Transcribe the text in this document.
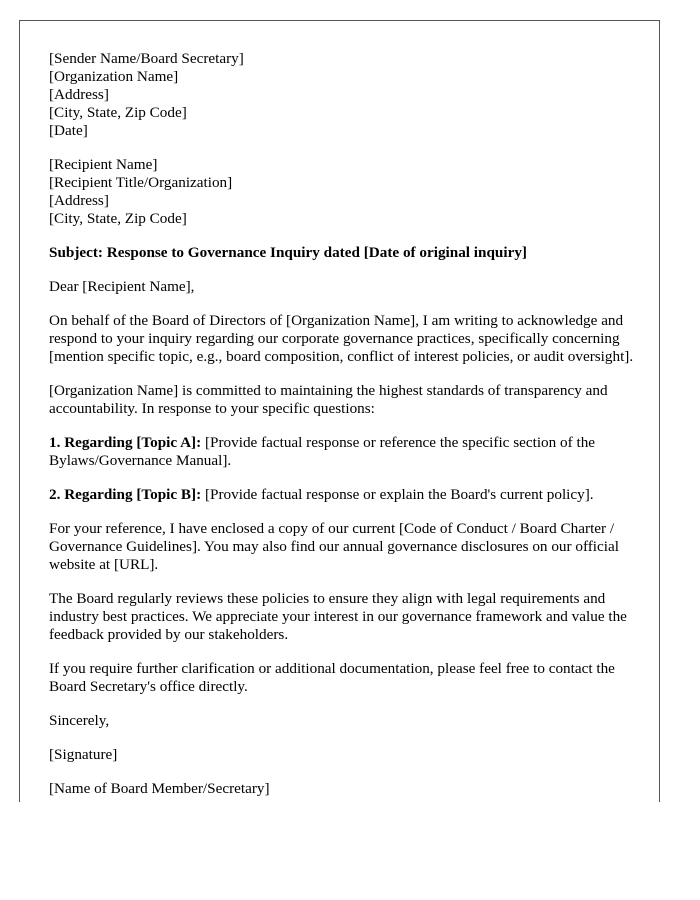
[Sender Name/Board Secretary]
[Organization Name]
[Address]
[City, State, Zip Code]
[Date]
[Recipient Name]
[Recipient Title/Organization]
[Address]
[City, State, Zip Code]

Subject: Response to Governance Inquiry dated [Date of original inquiry]

Dear [Recipient Name],

On behalf of the Board of Directors of [Organization Name], I am writing to acknowledge and respond to your inquiry regarding our corporate governance practices, specifically concerning [mention specific topic, e.g., board composition, conflict of interest policies, or audit oversight].

[Organization Name] is committed to maintaining the highest standards of transparency and accountability. In response to your specific questions:

1. Regarding [Topic A]: [Provide factual response or reference the specific section of the Bylaws/Governance Manual].

2. Regarding [Topic B]: [Provide factual response or explain the Board's current policy].

For your reference, I have enclosed a copy of our current [Code of Conduct / Board Charter / Governance Guidelines]. You may also find our annual governance disclosures on our official website at [URL].

The Board regularly reviews these policies to ensure they align with legal requirements and industry best practices. We appreciate your interest in our governance framework and value the feedback provided by our stakeholders.

If you require further clarification or additional documentation, please feel free to contact the Board Secretary's office directly.

Sincerely,

[Signature]

[Name of Board Member/Secretary]
